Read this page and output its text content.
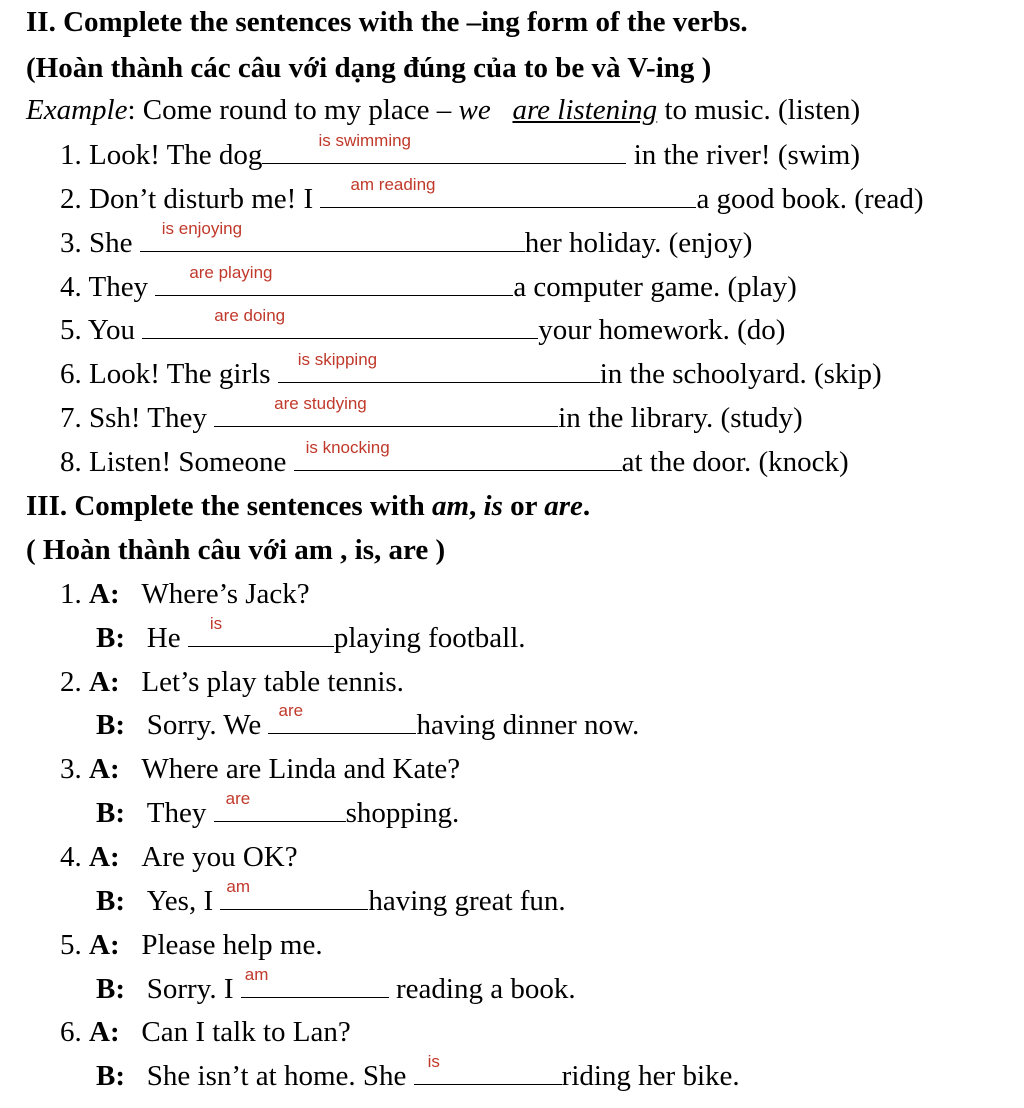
II. Complete the sentences with the –ing form of the verbs.
(Hoàn thành các câu với dạng đúng của to be và V-ing )
Example: Come round to my place – we are listening to music. (listen)
1. Look! The dog	is swimming	in the river! (swim)
2. Don’t disturb me! I	am reading	a good book. (read)
3. She	is enjoying	her holiday. (enjoy)
4. They	are playing	a computer game. (play)
5. You	are doing	your homework. (do)
6. Look! The girls	is skipping	in the schoolyard. (skip)
7. Ssh! They	are studying	in the library. (study)
8. Listen! Someone is knocking	at the door. (knock)
III. Complete the sentences with am, is or are.
( Hoàn thành câu với am , is, are )
1. A: Where’s Jack?
B: He	is	playing football.
2. A: Let’s play table tennis.
B: Sorry. We are	having dinner now.
3. A: Where are Linda and Kate?
B: They are	shopping.
4. A: Are you OK?
B: Yes, I am	having great fun.
5. A: Please help me.
B: Sorry. I am	reading a book.
6. A: Can I talk to Lan?
B: She isn’t at home. She is	riding her bike.
